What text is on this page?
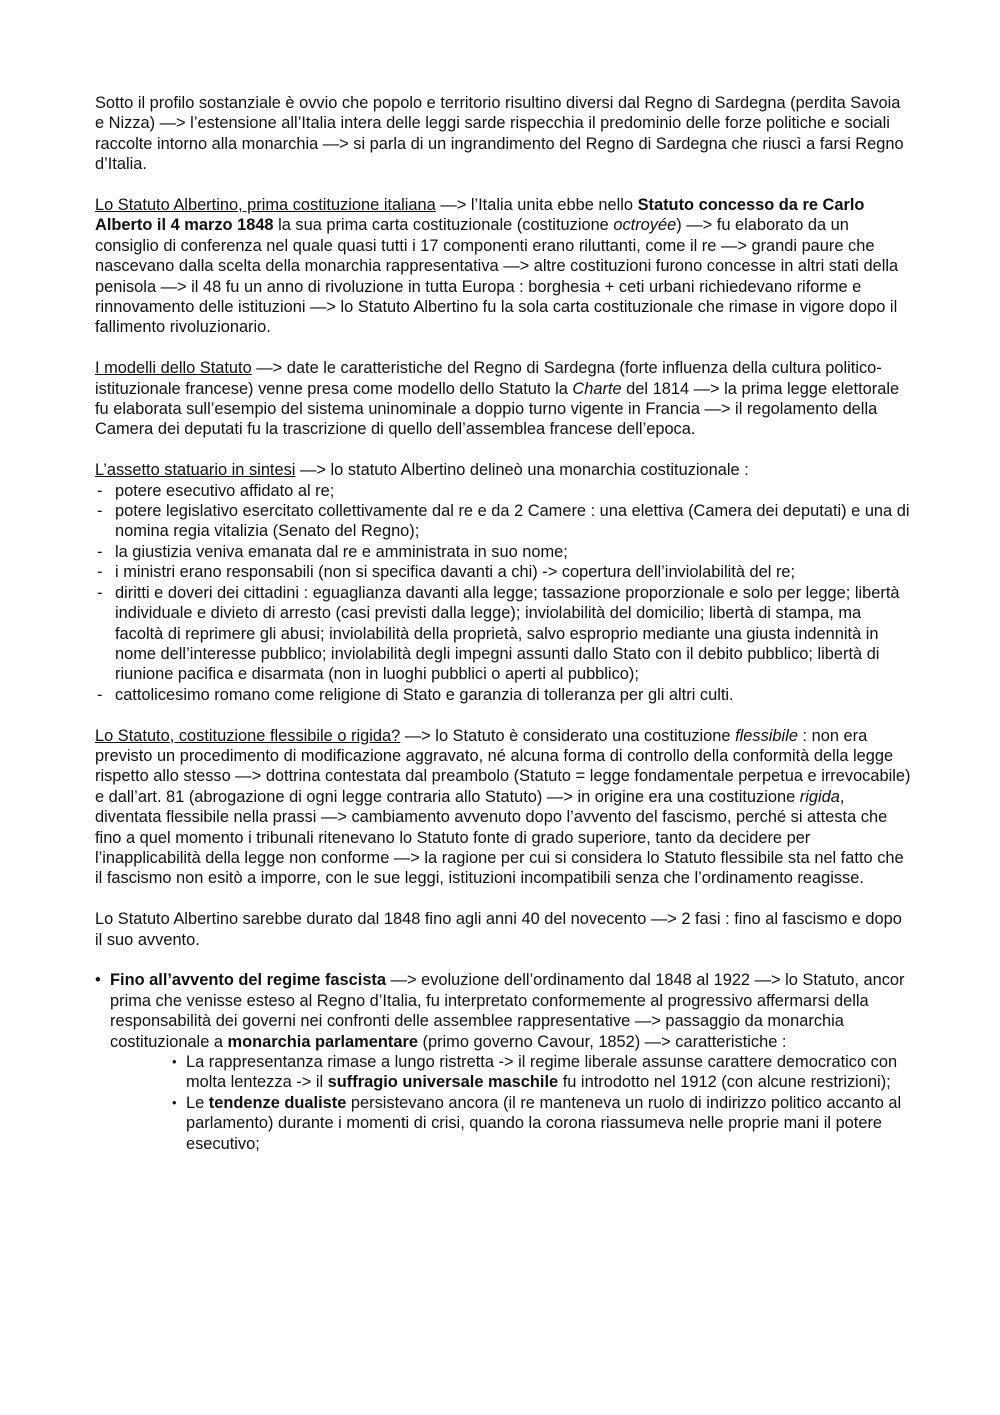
Sotto il profilo sostanziale è ovvio che popolo e territorio risultino diversi dal Regno di Sardegna (perdita Savoia e Nizza) —> l’estensione all’Italia intera delle leggi sarde rispecchia il predominio delle forze politiche e sociali raccolte intorno alla monarchia —> si parla di un ingrandimento del Regno di Sardegna che riuscì a farsi Regno d’Italia.

Lo Statuto Albertino, prima costituzione italiana —> l’Italia unita ebbe nello Statuto concesso da re Carlo Alberto il 4 marzo 1848 la sua prima carta costituzionale (costituzione octroyée) —> fu elaborato da un consiglio di conferenza nel quale quasi tutti i 17 componenti erano riluttanti, come il re —> grandi paure che nascevano dalla scelta della monarchia rappresentativa —> altre costituzioni furono concesse in altri stati della penisola —> il 48 fu un anno di rivoluzione in tutta Europa : borghesia + ceti urbani richiedevano riforme e rinnovamento delle istituzioni —> lo Statuto Albertino fu la sola carta costituzionale che rimase in vigore dopo il fallimento rivoluzionario.

I modelli dello Statuto —> date le caratteristiche del Regno di Sardegna (forte influenza della cultura politico-istituzionale francese) venne presa come modello dello Statuto la Charte del 1814 —> la prima legge elettorale fu elaborata sull’esempio del sistema uninominale a doppio turno vigente in Francia —> il regolamento della Camera dei deputati fu la trascrizione di quello dell’assemblea francese dell’epoca.

L’assetto statuario in sintesi —> lo statuto Albertino delineò una monarchia costituzionale :
- potere esecutivo affidato al re;
- potere legislativo esercitato collettivamente dal re e da 2 Camere : una elettiva (Camera dei deputati) e una di nomina regia vitalizia (Senato del Regno);
- la giustizia veniva emanata dal re e amministrata in suo nome;
- i ministri erano responsabili (non si specifica davanti a chi) -> copertura dell’inviolabilità del re;
- diritti e doveri dei cittadini : eguaglianza davanti alla legge; tassazione proporzionale e solo per legge; libertà individuale e divieto di arresto (casi previsti dalla legge); inviolabilità del domicilio; libertà di stampa, ma facoltà di reprimere gli abusi; inviolabilità della proprietà, salvo esproprio mediante una giusta indennità in nome dell’interesse pubblico; inviolabilità degli impegni assunti dallo Stato con il debito pubblico; libertà di riunione pacifica e disarmata (non in luoghi pubblici o aperti al pubblico);
- cattolicesimo romano come religione di Stato e garanzia di tolleranza per gli altri culti.

Lo Statuto, costituzione flessibile o rigida? —> lo Statuto è considerato una costituzione flessibile : non era previsto un procedimento di modificazione aggravato, né alcuna forma di controllo della conformità della legge rispetto allo stesso —> dottrina contestata dal preambolo (Statuto = legge fondamentale perpetua e irrevocabile) e dall’art. 81 (abrogazione di ogni legge contraria allo Statuto) —> in origine era una costituzione rigida, diventata flessibile nella prassi —> cambiamento avvenuto dopo l’avvento del fascismo, perché si attesta che fino a quel momento i tribunali ritenevano lo Statuto fonte di grado superiore, tanto da decidere per l’inapplicabilità della legge non conforme —> la ragione per cui si considera lo Statuto flessibile sta nel fatto che il fascismo non esitò a imporre, con le sue leggi, istituzioni incompatibili senza che l’ordinamento reagisse.

Lo Statuto Albertino sarebbe durato dal 1848 fino agli anni 40 del novecento —> 2 fasi : fino al fascismo e dopo il suo avvento.

• Fino all’avvento del regime fascista —> evoluzione dell’ordinamento dal 1848 al 1922 —> lo Statuto, ancor prima che venisse esteso al Regno d’Italia, fu interpretato conformemente al progressivo affermarsi della responsabilità dei governi nei confronti delle assemblee rappresentative —> passaggio da monarchia costituzionale a monarchia parlamentare (primo governo Cavour, 1852) —> caratteristiche :
• La rappresentanza rimase a lungo ristretta -> il regime liberale assunse carattere democratico con molta lentezza -> il suffragio universale maschile fu introdotto nel 1912 (con alcune restrizioni);
• Le tendenze dualiste persistevano ancora (il re manteneva un ruolo di indirizzo politico accanto al parlamento) durante i momenti di crisi, quando la corona riassumeva nelle proprie mani il potere esecutivo;
